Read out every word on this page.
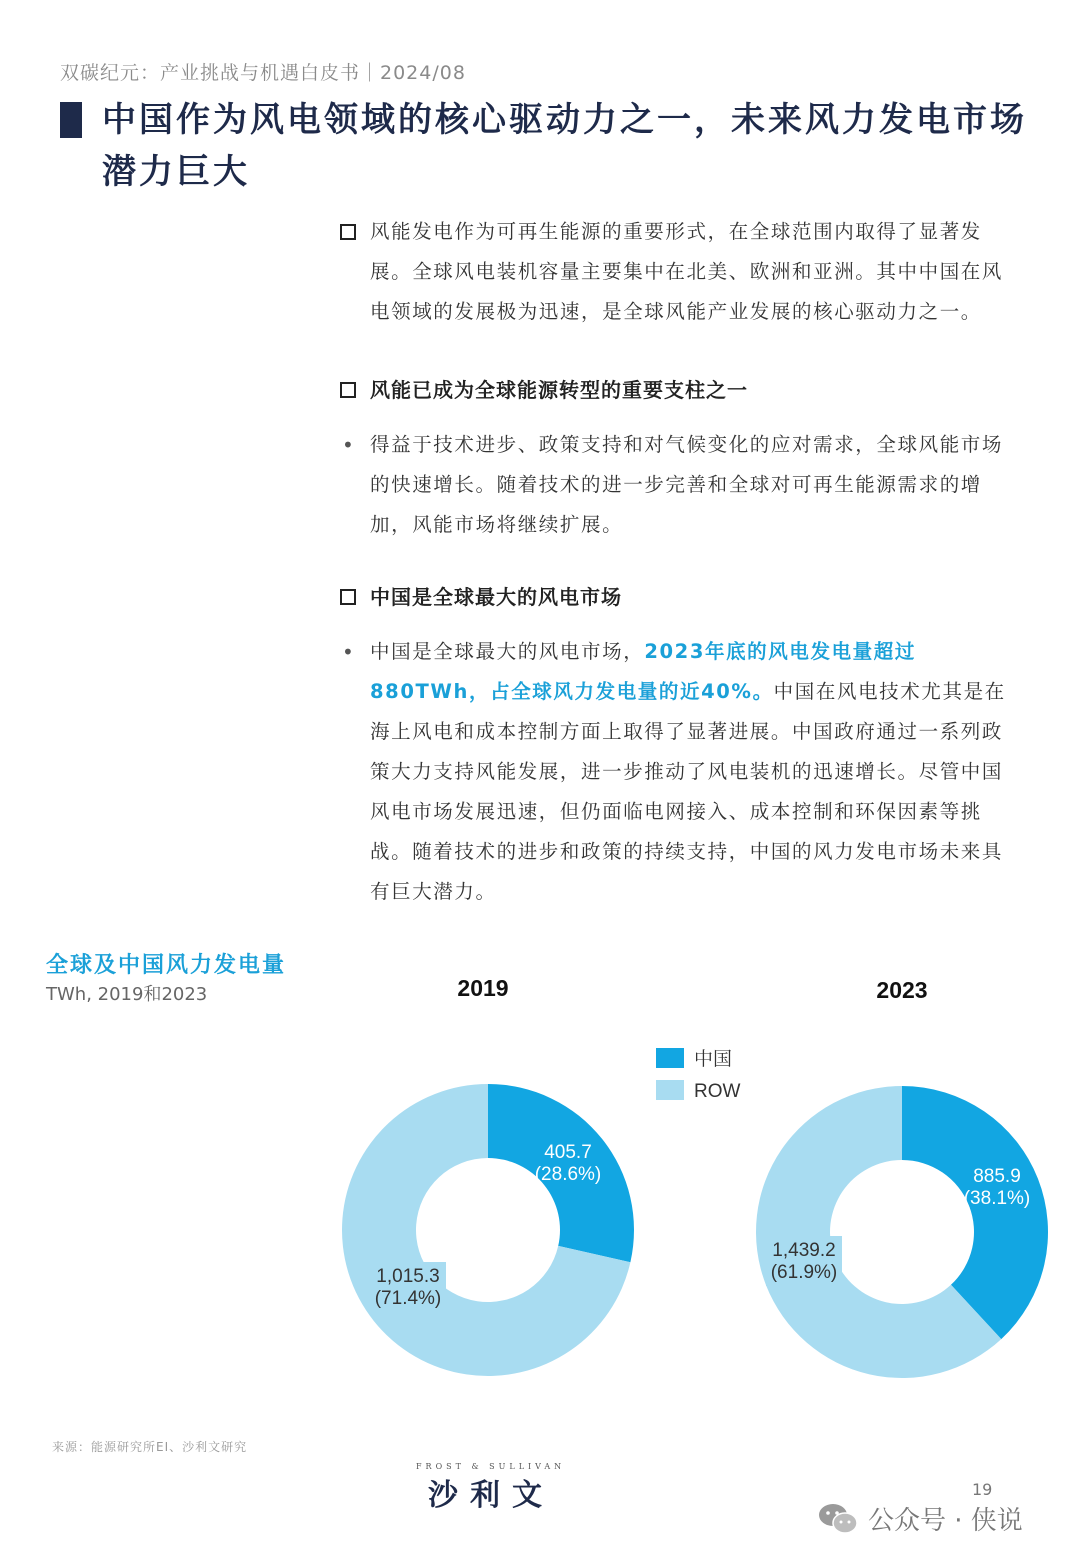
双碳纪元：产业挑战与机遇白皮书｜2024/08
中国作为风电领域的核心驱动力之一，未来风力发电市场潜力巨大
风能发电作为可再生能源的重要形式，在全球范围内取得了显著发展。全球风电装机容量主要集中在北美、欧洲和亚洲。其中中国在风电领域的发展极为迅速，是全球风能产业发展的核心驱动力之一。
风能已成为全球能源转型的重要支柱之一
• 得益于技术进步、政策支持和对气候变化的应对需求，全球风能市场的快速增长。随着技术的进一步完善和全球对可再生能源需求的增加，风能市场将继续扩展。
中国是全球最大的风电市场
• 中国是全球最大的风电市场，2023年底的风电发电量超过880TWh，占全球风力发电量的近40%。中国在风电技术尤其是在海上风电和成本控制方面上取得了显著进展。中国政府通过一系列政策大力支持风能发展，进一步推动了风电装机的迅速增长。尽管中国风电市场发展迅速，但仍面临电网接入、成本控制和环保因素等挑战。随着技术的进步和政策的持续支持，中国的风力发电市场未来具有巨大潜力。
全球及中国风力发电量
TWh, 2019和2023
405.7
(28.6%)
1,015.3
(71.4%)
2019
885.9
(38.1%)
1,439.2
(61.9%)
2023
中国
ROW
来源：能源研究所EI、沙利文研究
FROST & SULLIVAN
沙利文	19
公众号 · 侠说
